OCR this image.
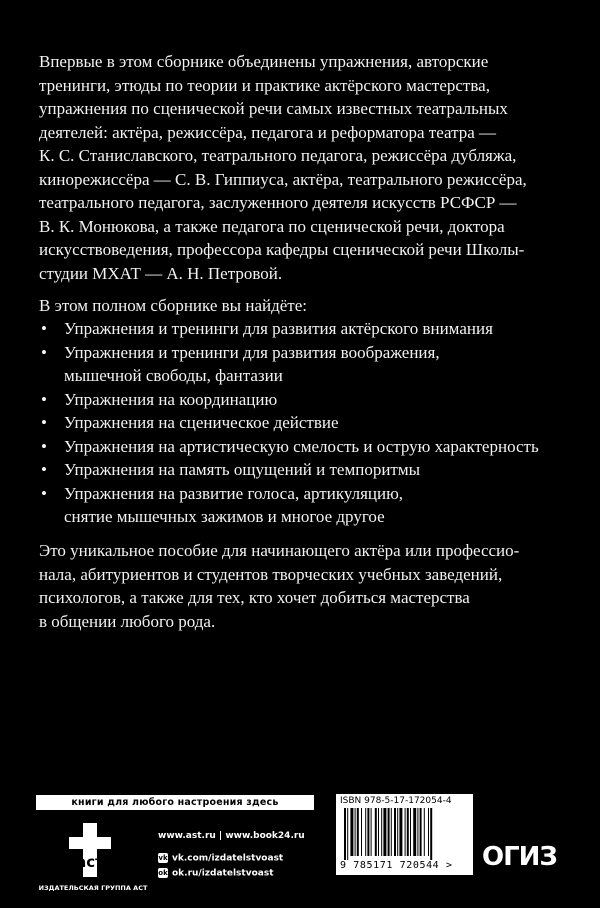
Впервые в этом сборнике объединены упражнения, авторские
тренинги, этюды по теории и практике актёрского мастерства,
упражнения по сценической речи самых известных театральных
деятелей: актёра, режиссёра, педагога и реформатора театра —
К. С. Станиславского, театрального педагога, режиссёра дубляжа,
кинорежиссёра — С. В. Гиппиуса, актёра, театрального режиссёра,
театрального педагога, заслуженного деятеля искусств РСФСР —
В. К. Монюкова, а также педагога по сценической речи, доктора
искусствоведения, профессора кафедры сценической речи Школы-
студии МХАТ — А. Н. Петровой.

В этом полном сборнике вы найдёте:

• Упражнения и тренинги для развития актёрского внимания
• Упражнения и тренинги для развития воображения,
мышечной свободы, фантазии
• Упражнения на координацию
• Упражнения на сценическое действие
• Упражнения на артистическую смелость и острую характерность
• Упражнения на память ощущений и темпоритмы
• Упражнения на развитие голоса, артикуляцию,
снятие мышечных зажимов и многое другое

Это уникальное пособие для начинающего актёра или профессио-
нала, абитуриентов и студентов творческих учебных заведений,
психологов, а также для тех, кто хочет добиться мастерства
в общении любого рода.

книги для любого настроения здесь
аст
ИЗДАТЕЛЬСКАЯ ГРУППА АСТ
www.ast.ru | www.book24.ru
vk vk.com/izdatelstvoast
ok ok.ru/izdatelstvoast
ISBN 978-5-17-172054-4
9 785171 720544 > ОГИЗ
